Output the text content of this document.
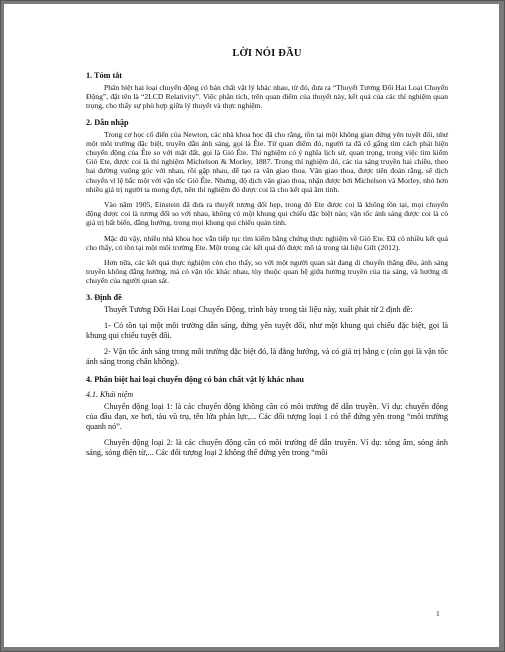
LỜI NÓI ĐẦU
1. Tóm tắt

Phân biệt hai loại chuyển động có bản chất vật lý khác nhau, từ đó, đưa ra “Thuyết Tương Đối Hai Loại Chuyển Động”, đặt tên là “2LCD Relativity”. Việc phân tích, trên quan điểm của thuyết này, kết quả của các thí nghiệm quan trọng, cho thấy sự phù hợp giữa lý thuyết và thực nghiệm.

2. Dẫn nhập

Trong cơ học cổ điển của Newton, các nhà khoa học đã cho rằng, tồn tại một không gian đứng yên tuyệt đối, như một môi trường đặc biệt, truyền dẫn ánh sáng, gọi là Ête. Từ quan điểm đó, người ta đã cố gắng tìm cách phát hiện chuyển động của Ête so với mặt đất, gọi là Gió Ête. Thí nghiệm có ý nghĩa lịch sử, quan trọng, trong việc tìm kiếm Gió Ete, được coi là thí nghiệm Michelson & Morley, 1887. Trong thí nghiệm đó, các tia sáng truyền hai chiều, theo hai đường vuông góc với nhau, rồi gặp nhau, để tạo ra vân giao thoa. Vân giao thoa, được tiên đoán rằng, sẽ dịch chuyển vì lệ bắc một với vận tốc Gió Ête. Nhưng, độ dịch vân giao thoa, nhận được bởi Michelson và Morley, nhỏ hơn nhiều giá trị người ta mong đợi, nên thí nghiệm đó được coi là cho kết quả âm tính.

Vào năm 1905, Einstein đã đưa ra thuyết tương đối hẹp, trong đó Ete được coi là không tồn tại, mọi chuyển động được coi là tương đối so với nhau, không có một khung qui chiếu đặc biệt nào; vận tốc ánh sáng được coi là có giá trị bất biến, đẳng hướng, trong mọi khung qui chiếu quán tính.

Mặc dù vậy, nhiều nhà khoa học vẫn tiếp tục tìm kiếm bằng chứng thực nghiệm về Gió Ete. Đã có nhiều kết quả cho thấy, có tồn tại một môi trường Ete. Một trong các kết quả đó được mô tả trong tài liệu Gift (2012).

Hơn nữa, các kết quả thực nghiệm còn cho thấy, so với một người quan sát đang di chuyển thẳng đều, ánh sáng truyền không đẳng hướng, mà có vận tốc khác nhau, tùy thuộc quan hệ giữa hướng truyền của tia sáng, và hướng di chuyển của người quan sát.

3. Định đề

Thuyết Tương Đối Hai Loại Chuyển Động, trình bày trong tài liệu này, xuất phát từ 2 định đề:

1- Có tồn tại một môi trường dẫn sáng, đứng yên tuyệt đối, như một khung qui chiếu đặc biệt, gọi là khung qui chiếu tuyệt đối.

2- Vận tốc ánh sáng trong môi trường đặc biệt đó, là đẳng hướng, và có giá trị bằng c (còn gọi là vận tốc ánh sáng trong chân không).

4. Phân biệt hai loại chuyển động có bản chất vật lý khác nhau
4.1. Khái niệm

Chuyển động loại 1: là các chuyển động không cần có môi trường để dẫn truyền. Ví dụ: chuyển động của đầu đạn, xe hơi, tàu vũ trụ, tên lửa phản lực,... Các đối tượng loại 1 có thể đứng yên trong “môi trường quanh nó”.

Chuyển động loại 2: là các chuyển động cần có môi trường để dẫn truyền. Ví dụ: sóng âm, sóng ánh sáng, sóng điện từ,... Các đối tượng loại 2 không thể đứng yên trong “môi

1
